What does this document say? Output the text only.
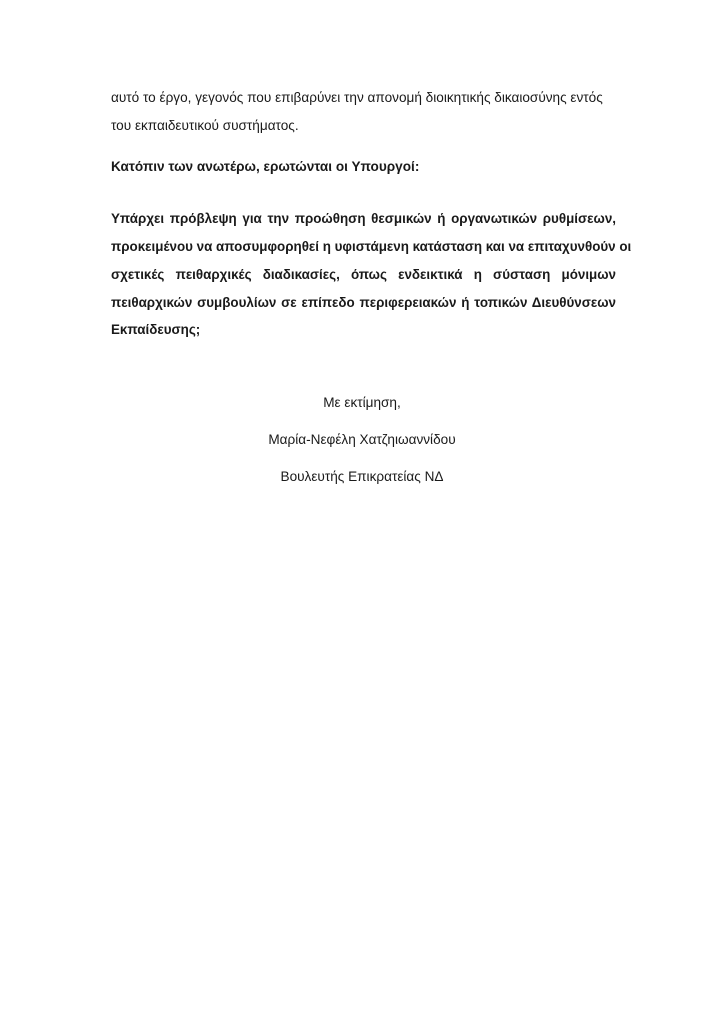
αυτό το έργο, γεγονός που επιβαρύνει την απονομή διοικητικής δικαιοσύνης εντός
του εκπαιδευτικού συστήματος.
Κατόπιν των ανωτέρω, ερωτώνται οι Υπουργοί:
Υπάρχει πρόβλεψη για την προώθηση θεσμικών ή οργανωτικών ρυθμίσεων,
προκειμένου να αποσυμφορηθεί η υφιστάμενη κατάσταση και να επιταχυνθούν οι
σχετικές πειθαρχικές διαδικασίες, όπως ενδεικτικά η σύσταση μόνιμων
πειθαρχικών συμβουλίων σε επίπεδο περιφερειακών ή τοπικών Διευθύνσεων
Εκπαίδευσης;
Με εκτίμηση,
Μαρία-Νεφέλη Χατζηιωαννίδου
Βουλευτής Επικρατείας ΝΔ
